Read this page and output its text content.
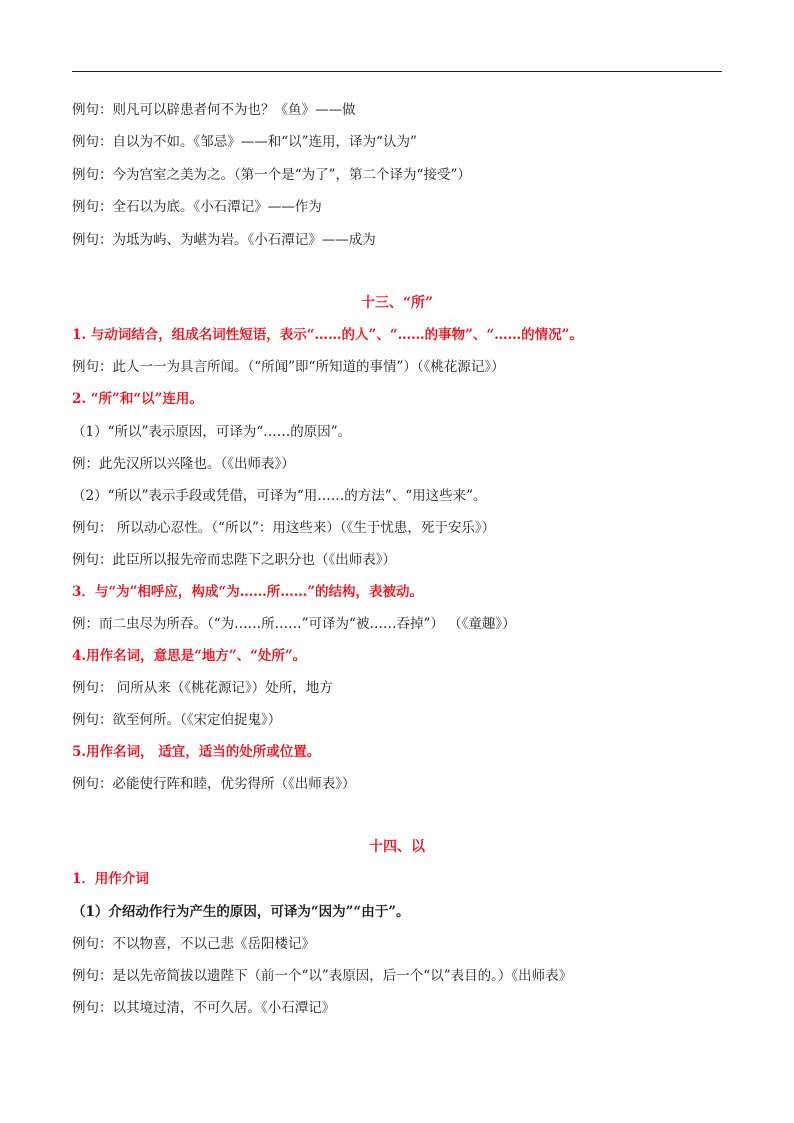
例句：则凡可以辟患者何不为也？《鱼》——做
例句：自以为不如。《邹忌》——和“以”连用，译为“认为”
例句：今为宫室之美为之。（第一个是“为了”，第二个译为“接受”）
例句：全石以为底。《小石潭记》——作为
例句：为坻为屿、为嵁为岩。《小石潭记》——成为
十三、“所”
1. 与动词结合，组成名词性短语，表示“……的人”、“……的事物”、“……的情况”。
例句：此人一一为具言所闻。（“所闻”即“所知道的事情”）（《桃花源记》）
2. “所”和“以”连用。
（1）“所以”表示原因，可译为“……的原因”。
例：此先汉所以兴隆也。（《出师表》）
（2）“所以”表示手段或凭借，可译为“用……的方法”、“用这些来”。
例句： 所以动心忍性。（“所以”：用这些来）（《生于忧患，死于安乐》）
例句：此臣所以报先帝而忠陛下之职分也（《出师表》）
3．与“为”相呼应，构成“为……所……”的结构，表被动。
例：而二虫尽为所吞。（“为……所……”可译为“被……吞掉”） （《童趣》）
4.用作名词，意思是“地方”、“处所”。
例句： 问所从来（《桃花源记》）处所，地方
例句：欲至何所。（《宋定伯捉鬼》）
5.用作名词， 适宜，适当的处所或位置。
例句：必能使行阵和睦，优劣得所（《出师表》）
十四、以
1．用作介词
（1）介绍动作行为产生的原因，可译为“因为”“由于”。
例句：不以物喜，不以己悲《岳阳楼记》
例句：是以先帝简拔以遗陛下（前一个“以”表原因，后一个“以”表目的。）《出师表》
例句：以其境过清，不可久居。《小石潭记》
